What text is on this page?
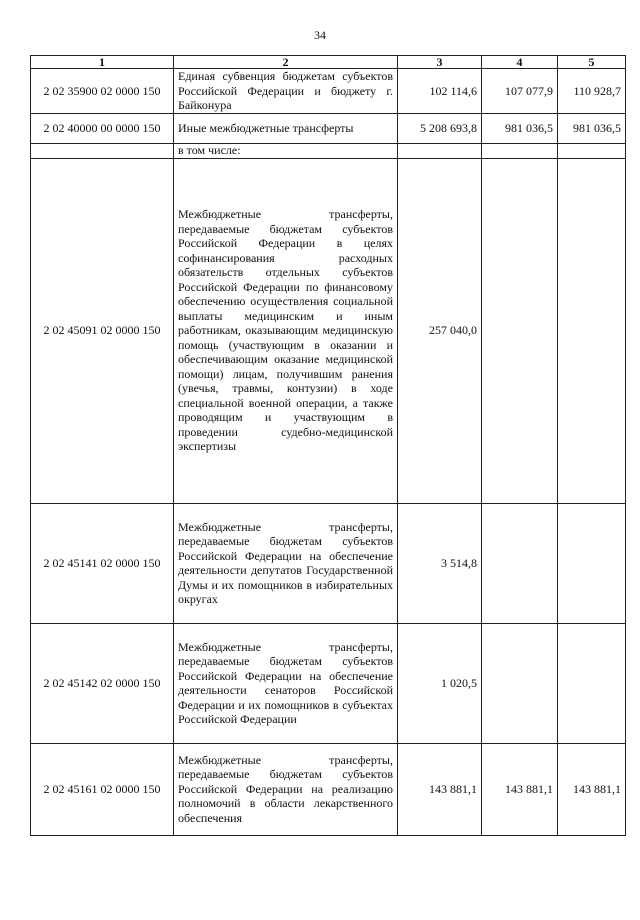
34
1	2	3	4	5
2 02 35900 02 0000 150	Единая субвенция бюджетам субъектов Российской Федерации и бюджету г. Байконура	102 114,6	107 077,9	110 928,7
2 02 40000 00 0000 150	Иные межбюджетные трансферты	5 208 693,8	981 036,5	981 036,5
	в том числе:			
2 02 45091 02 0000 150	Межбюджетные трансферты, передаваемые бюджетам субъектов Российской Федерации в целях софинансирования расходных обязательств отдельных субъектов Российской Федерации по финансовому обеспечению осуществления социальной выплаты медицинским и иным работникам, оказывающим медицинскую помощь (участвующим в оказании и обеспечивающим оказание медицинской помощи) лицам, получившим ранения (увечья, травмы, контузии) в ходе специальной военной операции, а также проводящим и участвующим в проведении судебно-медицинской экспертизы	257 040,0		
2 02 45141 02 0000 150	Межбюджетные трансферты, передаваемые бюджетам субъектов Российской Федерации на обеспечение деятельности депутатов Государственной Думы и их помощников в избирательных округах	3 514,8		
2 02 45142 02 0000 150	Межбюджетные трансферты, передаваемые бюджетам субъектов Российской Федерации на обеспечение деятельности сенаторов Российской Федерации и их помощников в субъектах Российской Федерации	1 020,5		
2 02 45161 02 0000 150	Межбюджетные трансферты, передаваемые бюджетам субъектов Российской Федерации на реализацию полномочий в области лекарственного обеспечения	143 881,1	143 881,1	143 881,1
